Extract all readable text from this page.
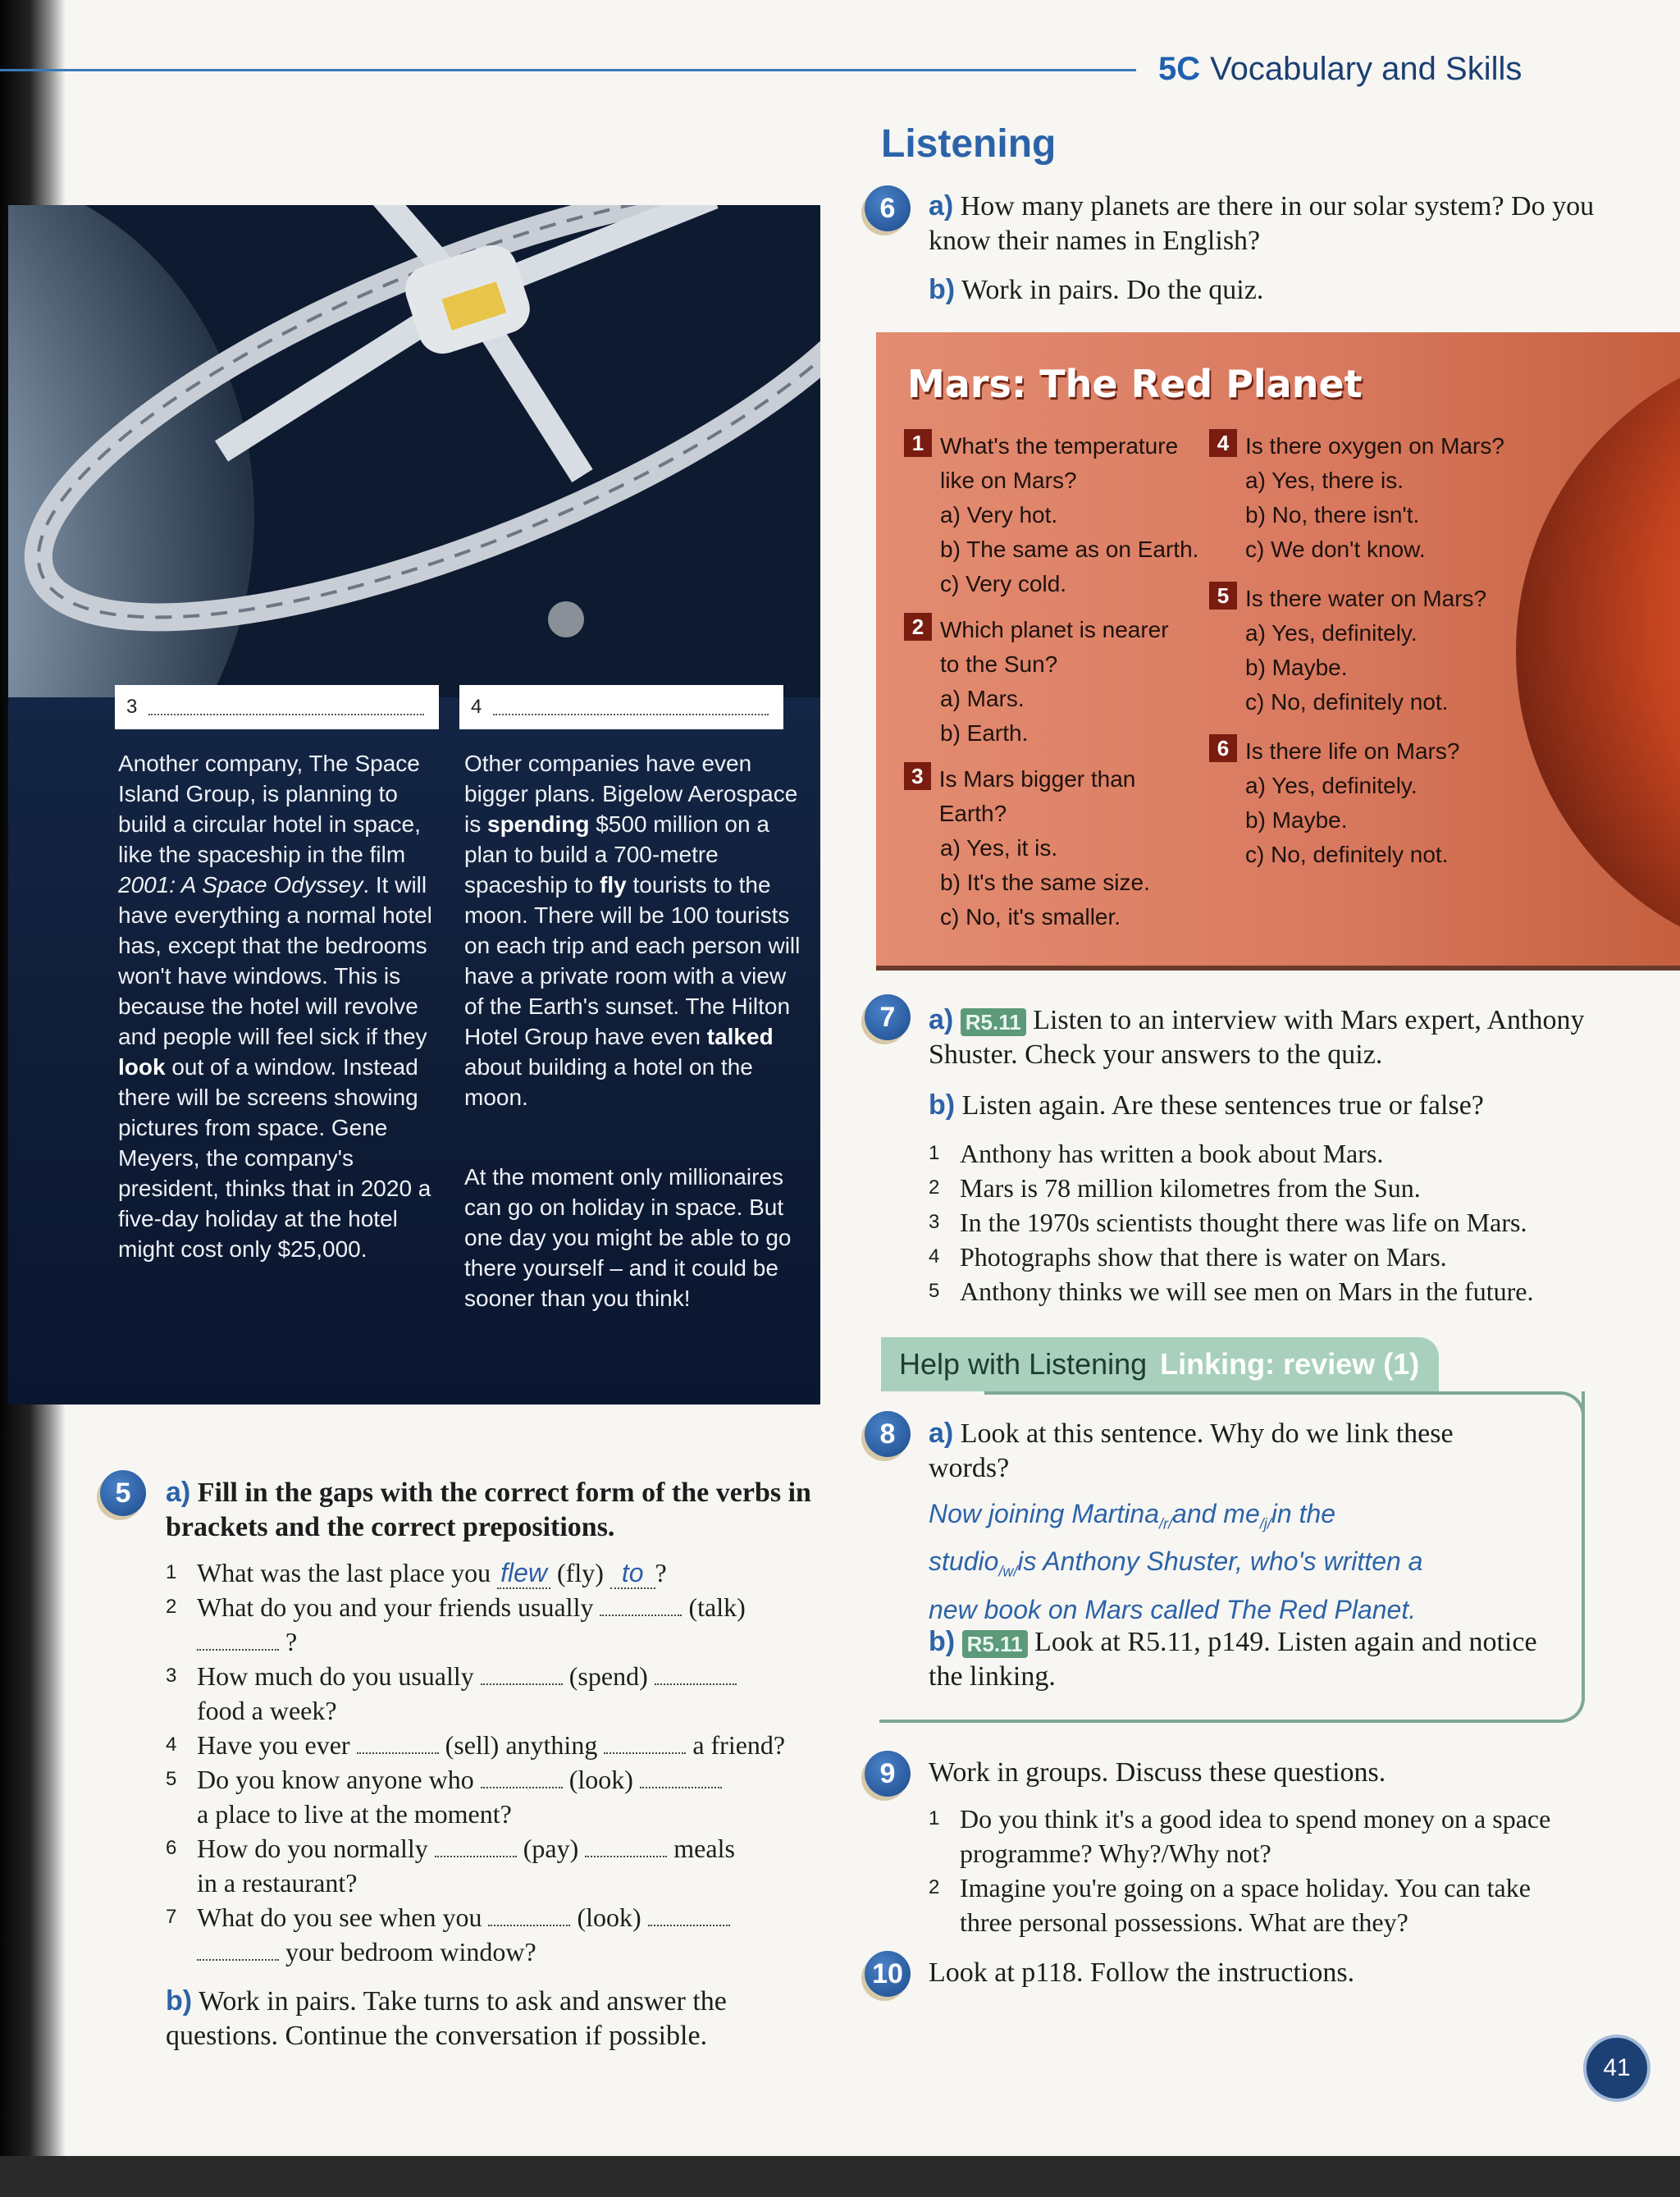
5C Vocabulary and Skills
3	4
Another company, The Space Island Group, is planning to build a circular hotel in space, like the spaceship in the film 2001: A Space Odyssey. It will have everything a normal hotel has, except that the bedrooms won't have windows. This is because the hotel will revolve and people will feel sick if they look out of a window. Instead there will be screens showing pictures from space. Gene Meyers, the company's president, thinks that in 2020 a five-day holiday at the hotel might cost only $25,000.
Other companies have even bigger plans. Bigelow Aerospace is spending $500 million on a plan to build a 700-metre spaceship to fly tourists to the moon. There will be 100 tourists on each trip and each person will have a private room with a view of the Earth's sunset. The Hilton Hotel Group have even talked about building a hotel on the moon.
At the moment only millionaires can go on holiday in space. But one day you might be able to go there yourself – and it could be sooner than you think!
5	a) Fill in the gaps with the correct form of the verbs in brackets and the correct prepositions.
1 What was the last place you flew (fly) to ?
2 What do you and your friends usually	(talk)
?
3 How much do you usually	(spend)
food a week?
4 Have you ever	(sell) anything	a friend?
5 Do you know anyone who	(look)
a place to live at the moment?
6 How do you normally	(pay)	meals
in a restaurant?
7 What do you see when you	(look)
your bedroom window?
b) Work in pairs. Take turns to ask and answer the questions. Continue the conversation if possible.
Listening
6	a) How many planets are there in our solar system? Do you know their names in English?
b) Work in pairs. Do the quiz.
Mars: The Red Planet
1 What's the temperature
like on Mars?
a) Very hot.
b) The same as on Earth.
c) Very cold.
2 Which planet is nearer
to the Sun?
a) Mars.
b) Earth.
3 Is Mars bigger than Earth?
a) Yes, it is.
b) It's the same size.
c) No, it's smaller.
4 Is there oxygen on Mars?
a) Yes, there is.
b) No, there isn't.
c) We don't know.
5 Is there water on Mars?
a) Yes, definitely.
b) Maybe.
c) No, definitely not.
6 Is there life on Mars?
a) Yes, definitely.
b) Maybe.
c) No, definitely not.
7	a) R5.11 Listen to an interview with Mars expert, Anthony Shuster. Check your answers to the quiz.
b) Listen again. Are these sentences true or false?
1 Anthony has written a book about Mars.
2 Mars is 78 million kilometres from the Sun.
3 In the 1970s scientists thought there was life on Mars.
4 Photographs show that there is water on Mars.
5 Anthony thinks we will see men on Mars in the future.
Help with Listening Linking: review (1)
8	a) Look at this sentence. Why do we link these words?
Now joining Martina$_{/r/}$and $me_{/j/}in$ the
studio$_{/w/}$is Anthony Shuster, who's written a
new book on Mars called The Red Planet.
b) R5.11 Look at R5.11, p149. Listen again and notice the linking.
9	Work in groups. Discuss these questions.
1 Do you think it's a good idea to spend money on a space programme? Why?/Why not?
2 Imagine you're going on a space holiday. You can take three personal possessions. What are they?
10 Look at p118. Follow the instructions.
41
